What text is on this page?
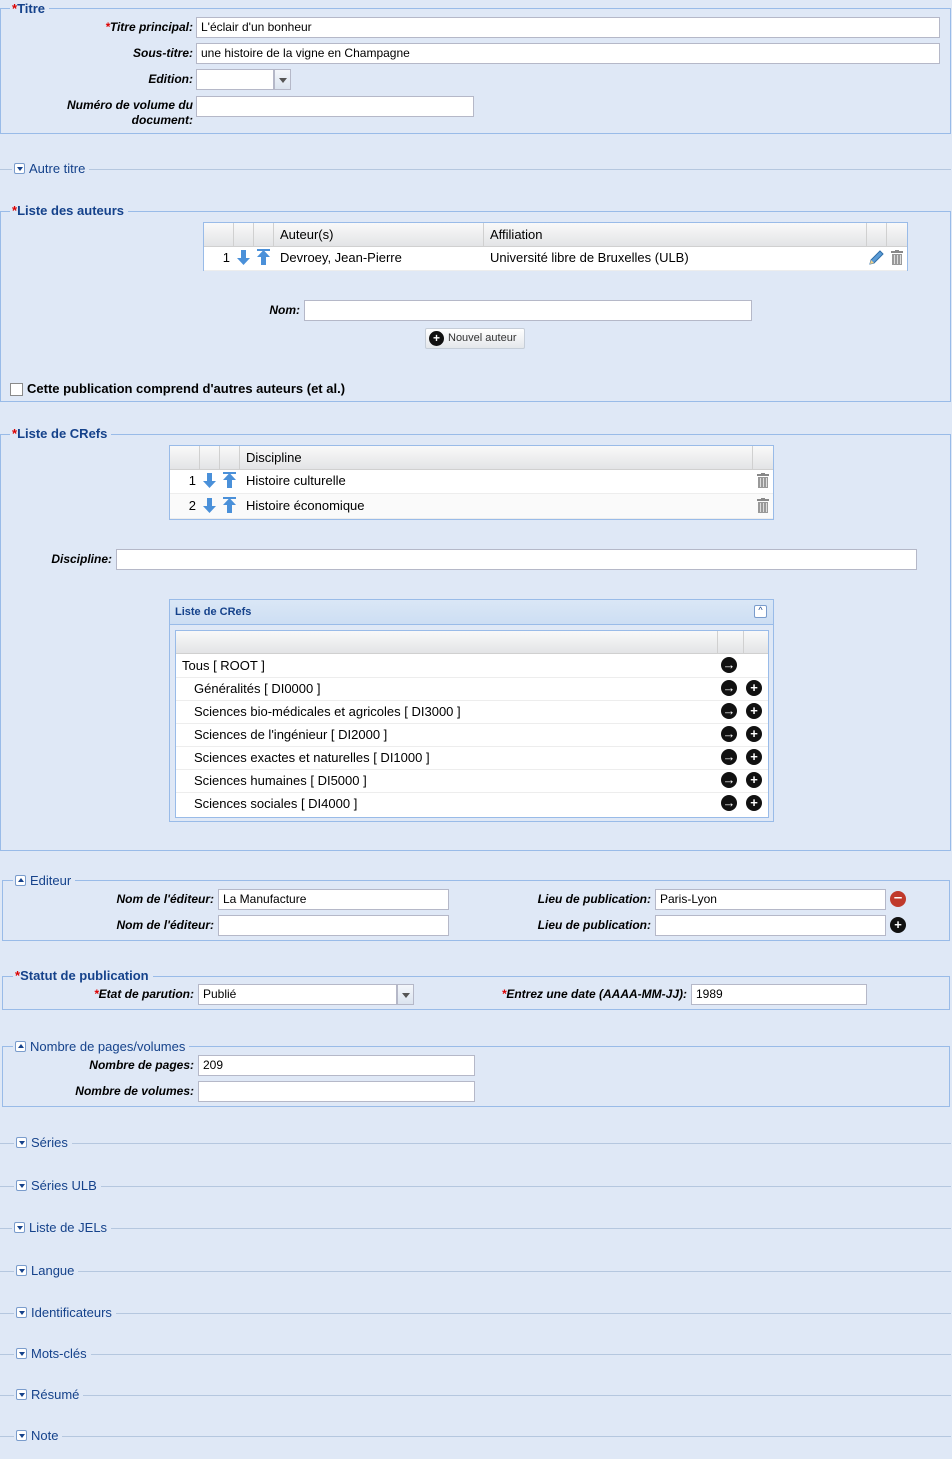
*Titre
*Titre principal: L'éclair d'un bonheur
Sous-titre: une histoire de la vigne en Champagne
Edition:
Numéro de volume du
document:
Autre titre
*Liste des auteurs
Auteur(s)	Affiliation
1	Devroey, Jean-Pierre	Université libre de Bruxelles (ULB)
Nom:
+ Nouvel auteur
Cette publication comprend d'autres auteurs (et al.)
*Liste de CRefs
Discipline
1	Histoire culturelle
2	Histoire économique
Discipline:
Liste de CRefs	^
Tous [ ROOT ]	→
Généralités [ DI0000 ]	→	+
Sciences bio-médicales et agricoles [ DI3000 ]	→	+
Sciences de l'ingénieur [ DI2000 ]	→	+
Sciences exactes et naturelles [ DI1000 ]	→	+
Sciences humaines [ DI5000 ]	→	+
Sciences sociales [ DI4000 ]	→	+
Editeur
Nom de l'éditeur: La Manufacture	Lieu de publication: Paris-Lyon	–
Nom de l'éditeur:	Lieu de publication:	+
*Statut de publication
*Etat de parution: Publié	*Entrez une date (AAAA-MM-JJ): 1989
Nombre de pages/volumes
Nombre de pages: 209
Nombre de volumes:
Séries
Séries ULB
Liste de JELs
Langue
Identificateurs
Mots-clés
Résumé
Note
